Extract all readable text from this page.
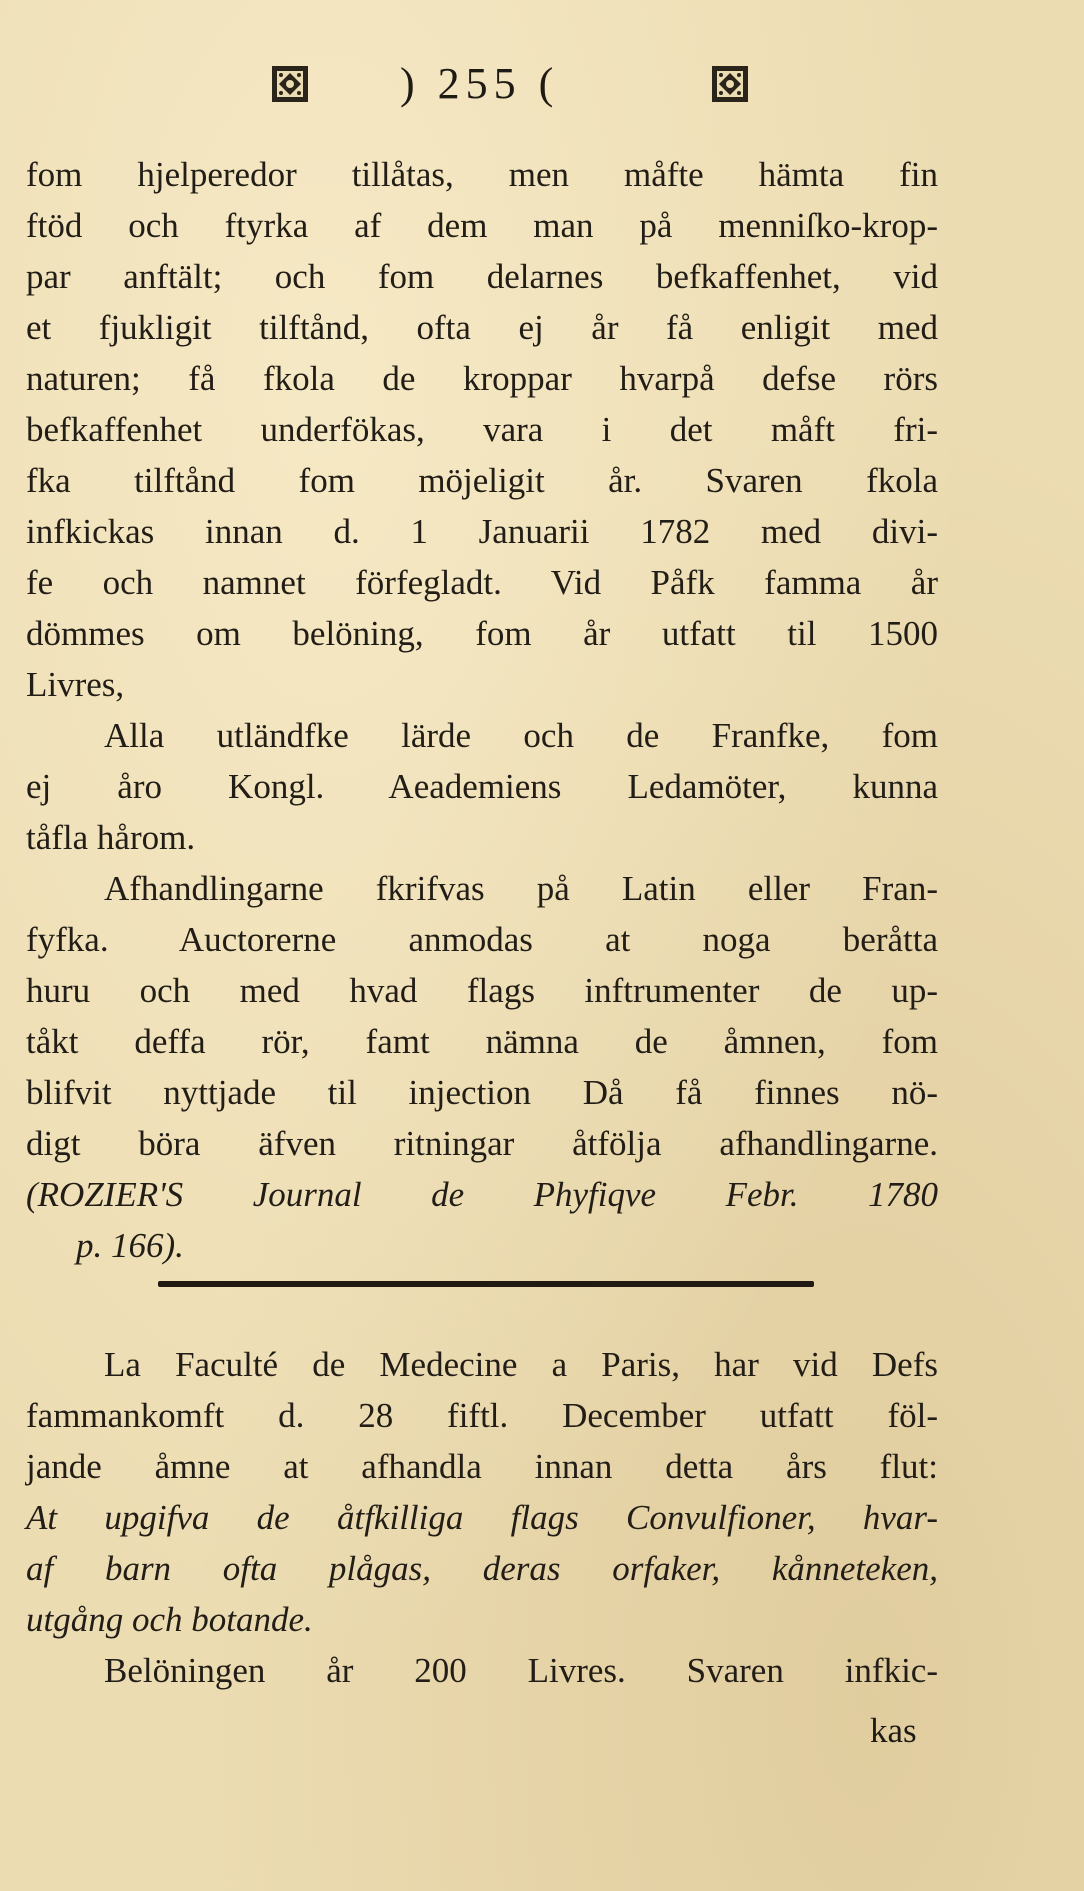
) 255 (
fom hjelperedor tillåtas, men måfte hämta fin
ftöd och ftyrka af dem man på menniſko-krop-
par anftält; och fom delarnes befkaffenhet, vid
et fjukligit tilftånd, ofta ej år få enligit med
naturen; få fkola de kroppar hvarpå defse rörs
befkaffenhet underfökas, vara i det måft fri-
fka tilftånd fom möjeligit år. Svaren fkola
infkickas innan d. 1 Januarii 1782 med divi-
fe och namnet förfegladt. Vid Påfk famma år
dömmes om belöning, fom år utfatt til 1500
Livres,
Alla utländfke lärde och de Franfke, fom
ej åro Kongl. Aeademiens Ledamöter, kunna
tåfla hårom.
Afhandlingarne fkrifvas på Latin eller Fran-
fyfka. Auctorerne anmodas at noga beråtta
huru och med hvad flags inftrumenter de up-
tåkt deffa rör, famt nämna de åmnen, fom
blifvit nyttjade til injection Då få finnes nö-
digt böra äfven ritningar åtfölja afhandlingarne.
(ROZIER'S Journal de Phyfiqve Febr. 1780
p. 166).
La Faculté de Medecine a Paris, har vid Defs
fammankomft d. 28 fiftl. December utfatt föl-
jande åmne at afhandla innan detta års flut:
At upgifva de åtfkilliga flags Convulfioner, hvar-
af barn ofta plågas, deras orfaker, kånneteken,
utgång och botande.
Belöningen år 200 Livres. Svaren infkic-
kas
